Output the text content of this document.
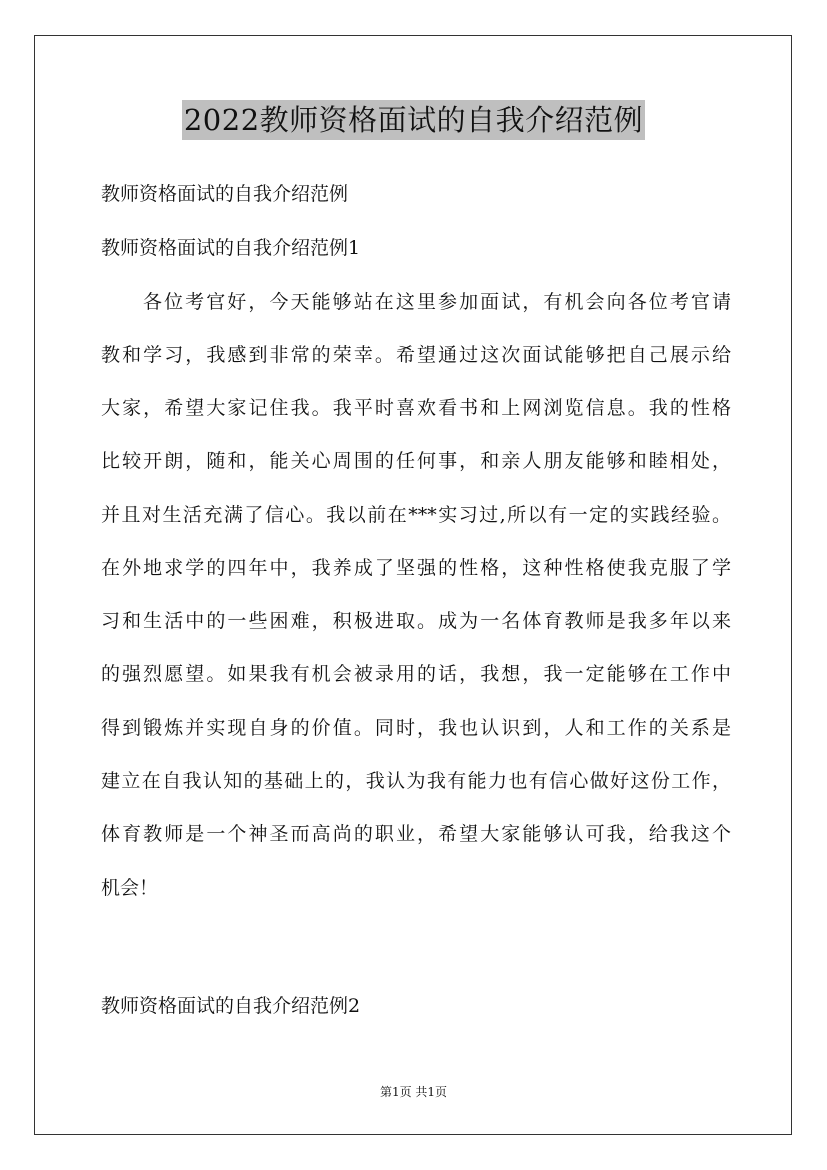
2022教师资格面试的自我介绍范例

教师资格面试的自我介绍范例

教师资格面试的自我介绍范例1

各位考官好，今天能够站在这里参加面试，有机会向各位考官请

教和学习，我感到非常的荣幸。希望通过这次面试能够把自己展示给

大家，希望大家记住我。我平时喜欢看书和上网浏览信息。我的性格

比较开朗，随和，能关心周围的任何事，和亲人朋友能够和睦相处，

并且对生活充满了信心。我以前在***实习过,所以有一定的实践经验。

在外地求学的四年中，我养成了坚强的性格，这种性格使我克服了学

习和生活中的一些困难，积极进取。成为一名体育教师是我多年以来

的强烈愿望。如果我有机会被录用的话，我想，我一定能够在工作中

得到锻炼并实现自身的价值。同时，我也认识到，人和工作的关系是

建立在自我认知的基础上的，我认为我有能力也有信心做好这份工作，

体育教师是一个神圣而高尚的职业，希望大家能够认可我，给我这个

机会！

教师资格面试的自我介绍范例2

第1页 共1页
